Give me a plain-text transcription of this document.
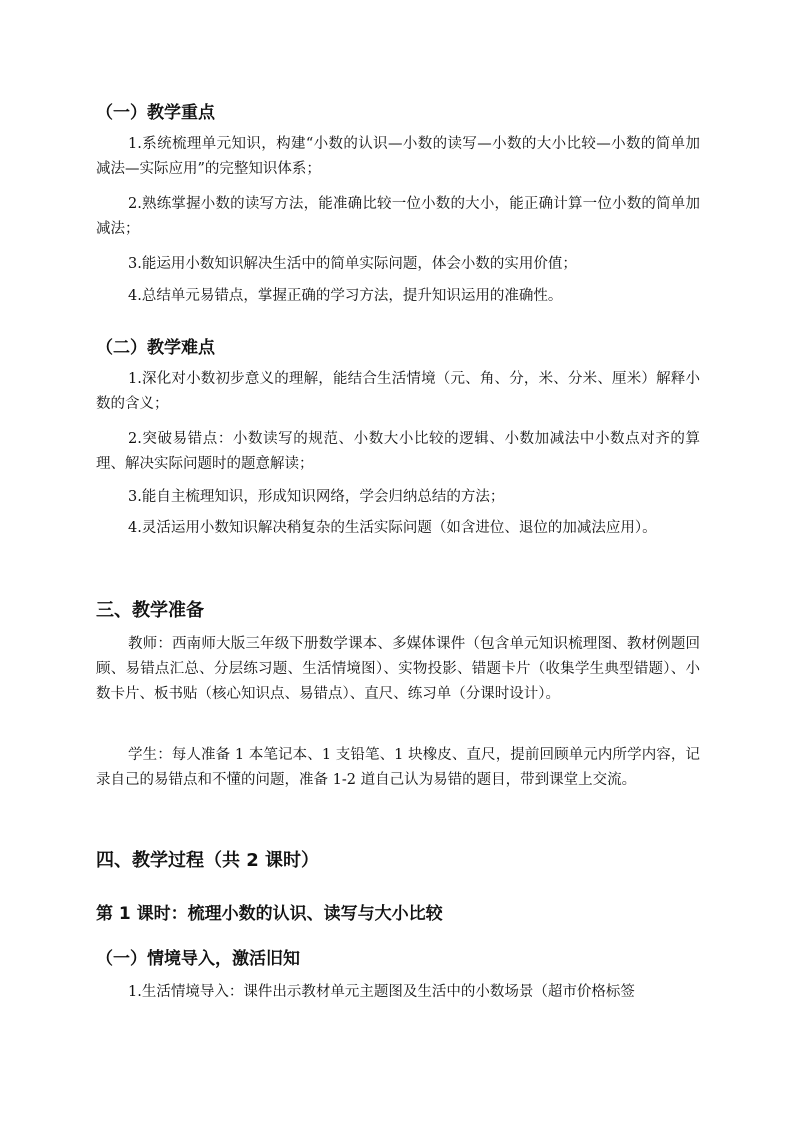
（一）教学重点

1.系统梳理单元知识，构建“小数的认识—小数的读写—小数的大小比较—小数的简单加减法—实际应用”的完整知识体系；

2.熟练掌握小数的读写方法，能准确比较一位小数的大小，能正确计算一位小数的简单加减法；

3.能运用小数知识解决生活中的简单实际问题，体会小数的实用价值；

4.总结单元易错点，掌握正确的学习方法，提升知识运用的准确性。

（二）教学难点

1.深化对小数初步意义的理解，能结合生活情境（元、角、分，米、分米、厘米）解释小数的含义；

2.突破易错点：小数读写的规范、小数大小比较的逻辑、小数加减法中小数点对齐的算理、解决实际问题时的题意解读；

3.能自主梳理知识，形成知识网络，学会归纳总结的方法；

4.灵活运用小数知识解决稍复杂的生活实际问题（如含进位、退位的加减法应用）。

三、教学准备

教师：西南师大版三年级下册数学课本、多媒体课件（包含单元知识梳理图、教材例题回顾、易错点汇总、分层练习题、生活情境图）、实物投影、错题卡片（收集学生典型错题）、小数卡片、板书贴（核心知识点、易错点）、直尺、练习单（分课时设计）。

学生：每人准备 1 本笔记本、1 支铅笔、1 块橡皮、直尺，提前回顾单元内所学内容，记录自己的易错点和不懂的问题，准备 1-2 道自己认为易错的题目，带到课堂上交流。

四、教学过程（共 2 课时）
第 1 课时：梳理小数的认识、读写与大小比较
（一）情境导入，激活旧知

1.生活情境导入：课件出示教材单元主题图及生活中的小数场景（超市价格标签
